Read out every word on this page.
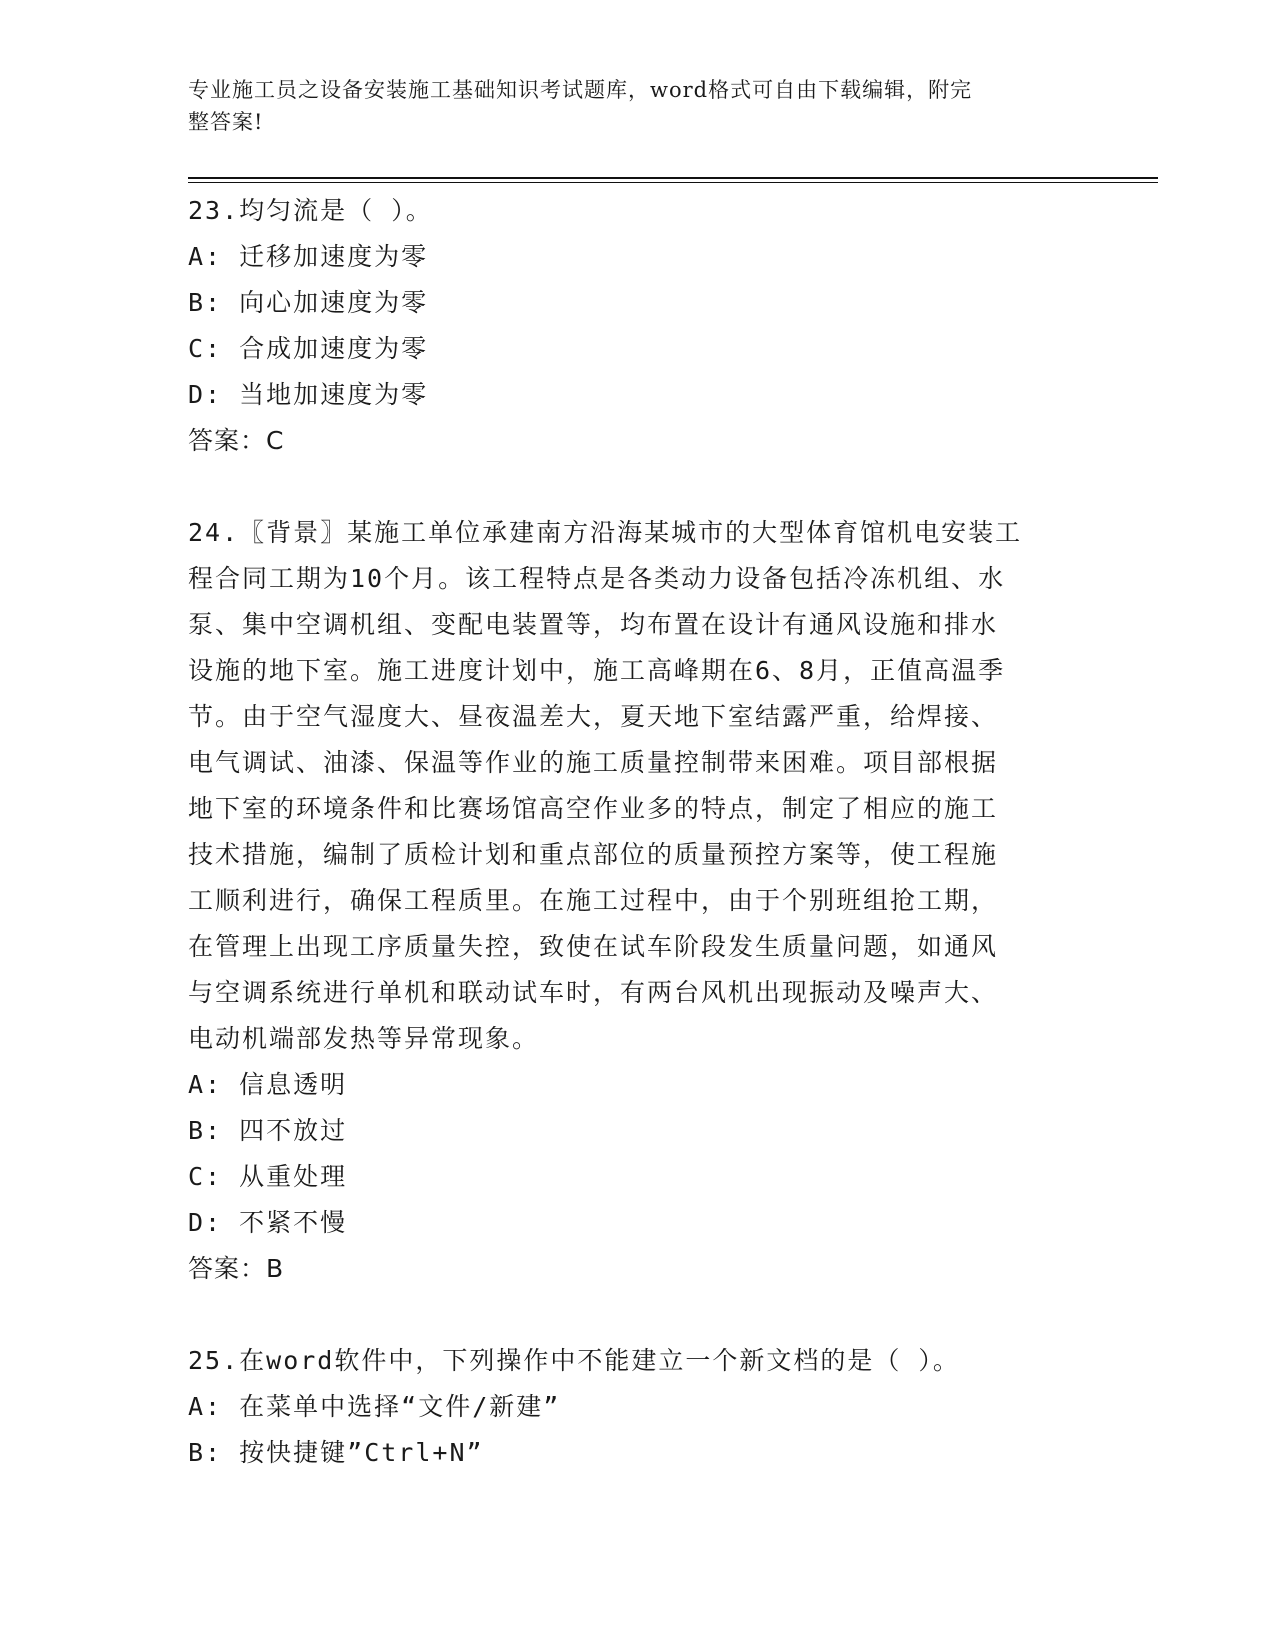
专业施工员之设备安装施工基础知识考试题库，word格式可自由下载编辑，附完
整答案!
23.均匀流是（ ）。
A: 迁移加速度为零
B: 向心加速度为零
C: 合成加速度为零
D: 当地加速度为零
答案：C
24.〖背景〗某施工单位承建南方沿海某城市的大型体育馆机电安装工
程合同工期为10个月。该工程特点是各类动力设备包括冷冻机组、水
泵、集中空调机组、变配电装置等，均布置在设计有通风设施和排水
设施的地下室。施工进度计划中，施工高峰期在6、8月，正值高温季
节。由于空气湿度大、昼夜温差大，夏天地下室结露严重，给焊接、
电气调试、油漆、保温等作业的施工质量控制带来困难。项目部根据
地下室的环境条件和比赛场馆高空作业多的特点，制定了相应的施工
技术措施，编制了质检计划和重点部位的质量预控方案等，使工程施
工顺利进行，确保工程质里。在施工过程中，由于个别班组抢工期，
在管理上出现工序质量失控，致使在试车阶段发生质量问题，如通风
与空调系统进行单机和联动试车时，有两台风机出现振动及噪声大、
电动机端部发热等异常现象。
A: 信息透明
B: 四不放过
C: 从重处理
D: 不紧不慢
答案：B
25.在word软件中，下列操作中不能建立一个新文档的是（ ）。
A: 在菜单中选择“文件/新建”
B: 按快捷键”Ctrl+N”
